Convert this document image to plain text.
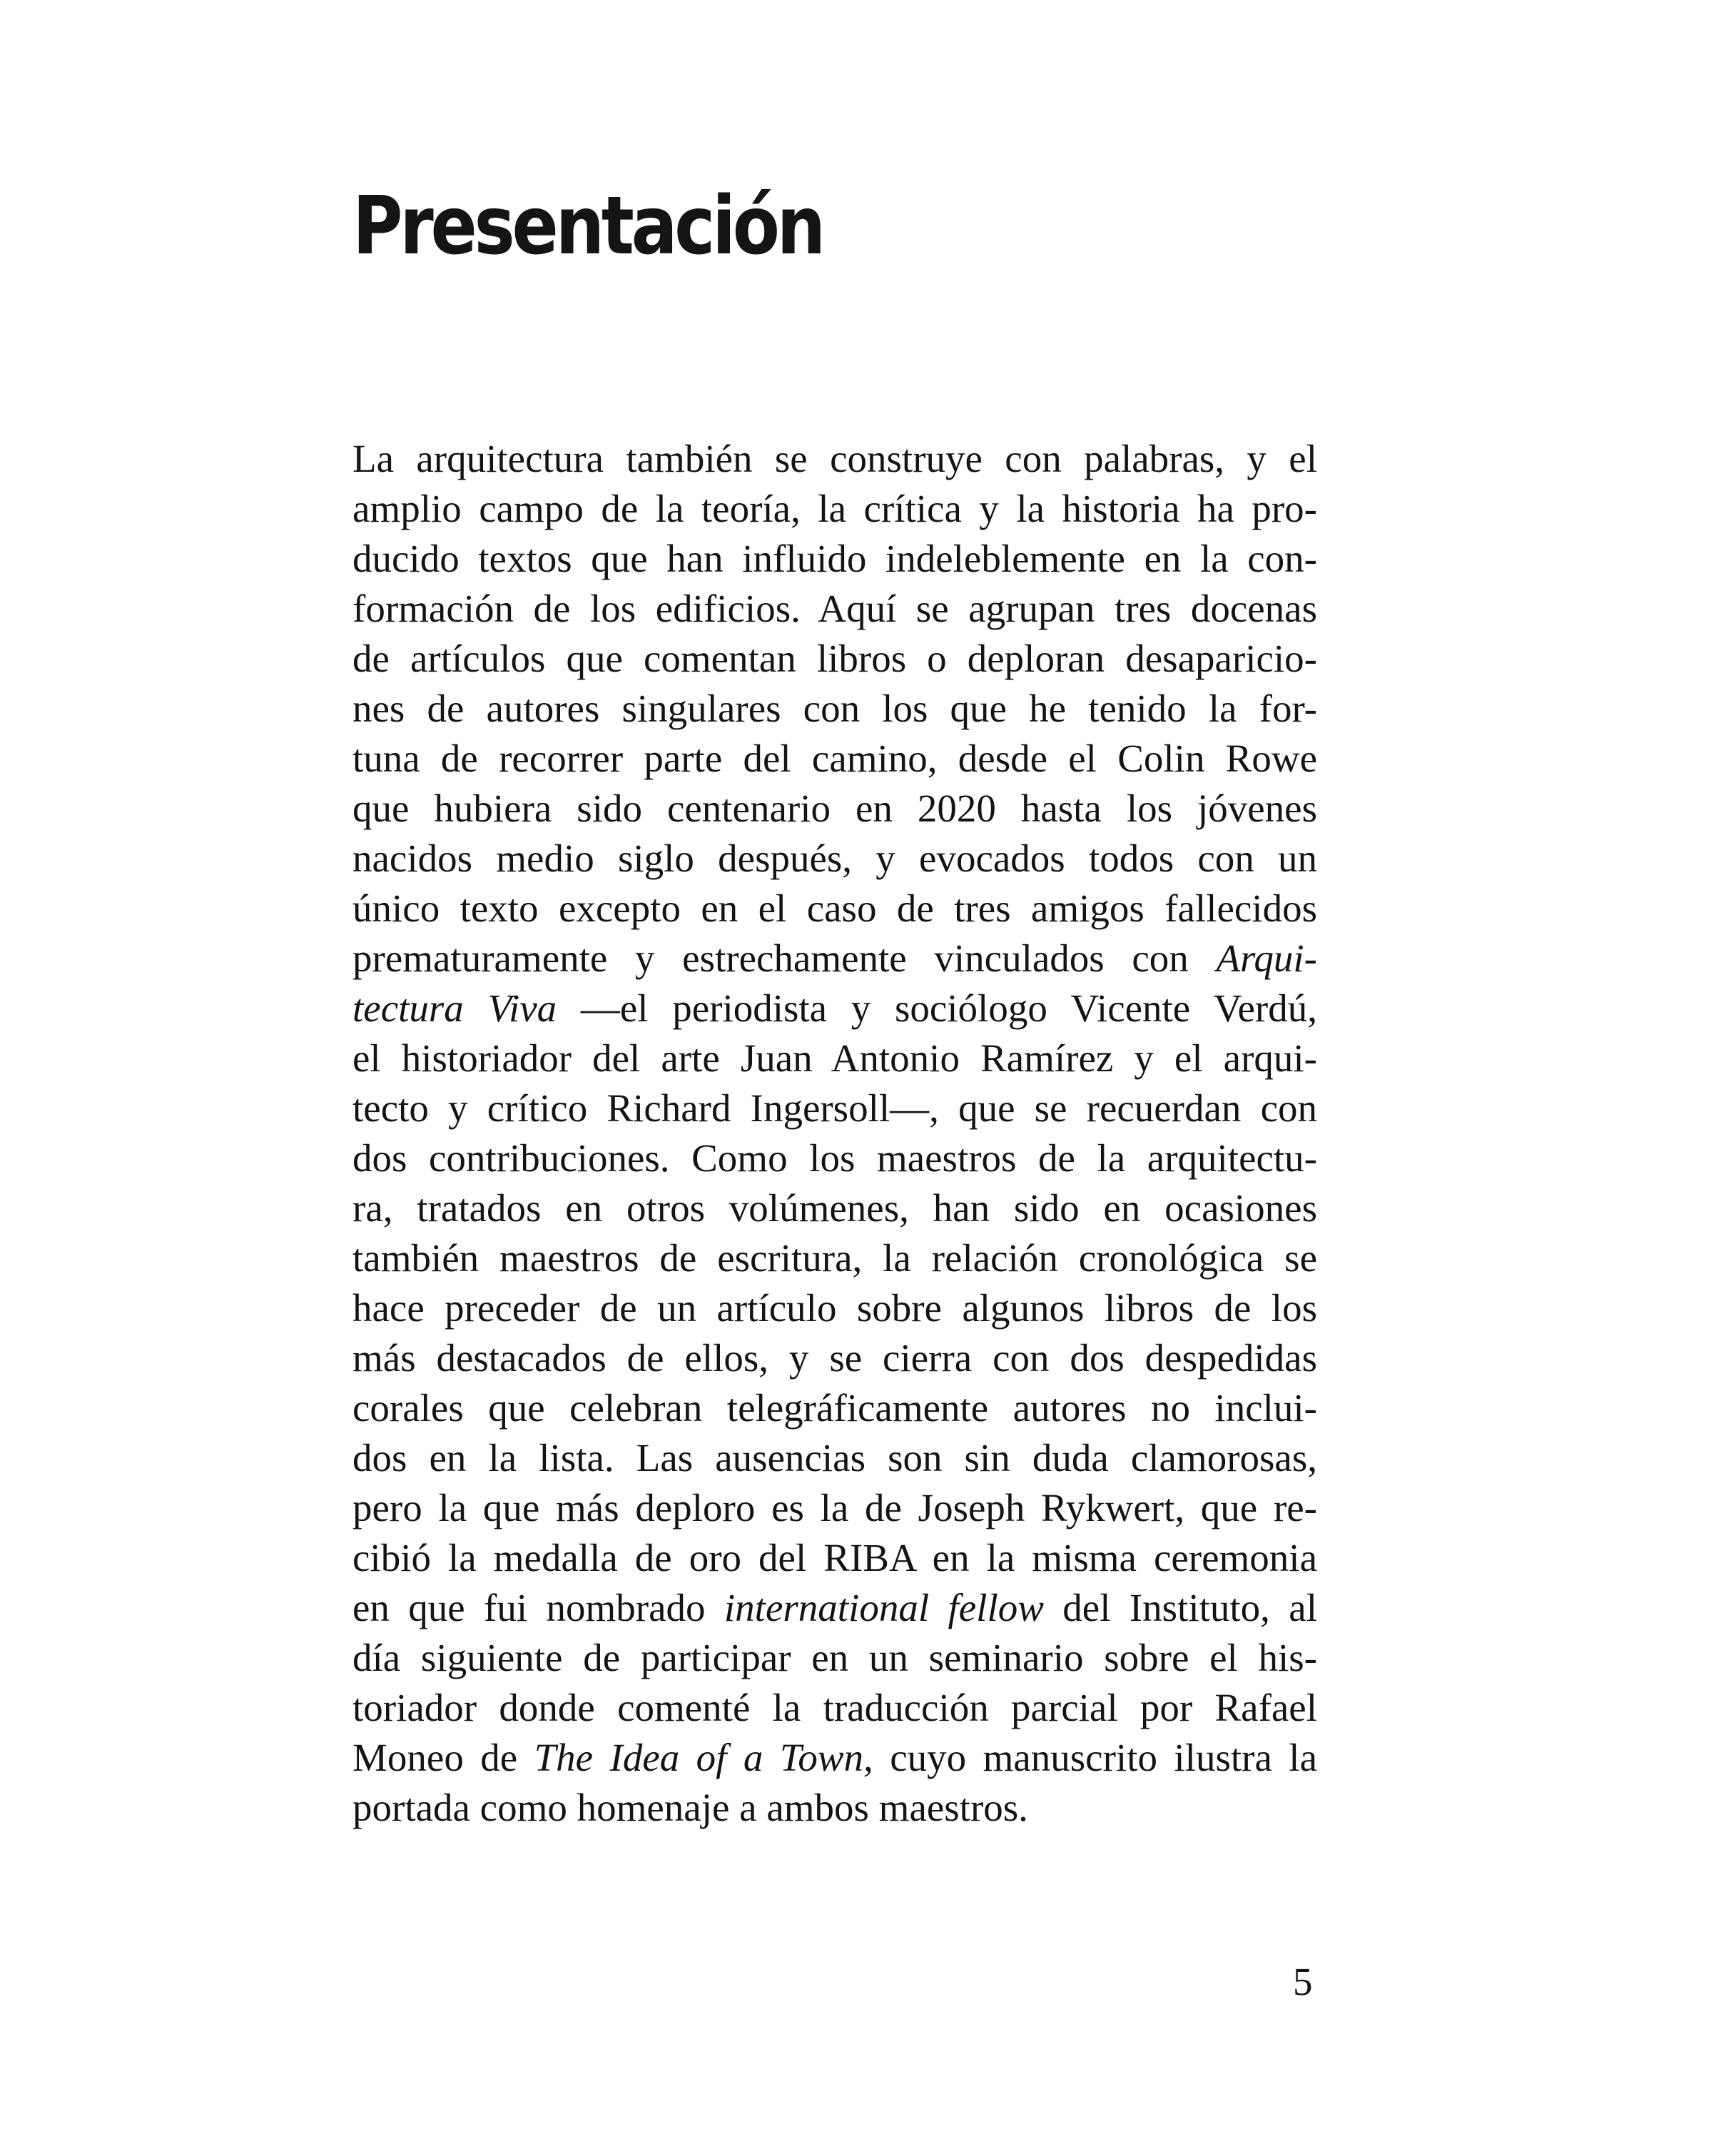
Presentación
La arquitectura también se construye con palabras, y el
amplio campo de la teoría, la crítica y la historia ha pro-
ducido textos que han influido indeleblemente en la con-
formación de los edificios. Aquí se agrupan tres docenas
de artículos que comentan libros o deploran desaparicio-
nes de autores singulares con los que he tenido la for-
tuna de recorrer parte del camino, desde el Colin Rowe
que hubiera sido centenario en 2020 hasta los jóvenes
nacidos medio siglo después, y evocados todos con un
único texto excepto en el caso de tres amigos fallecidos
prematuramente y estrechamente vinculados con Arqui-
tectura Viva —el periodista y sociólogo Vicente Verdú,
el historiador del arte Juan Antonio Ramírez y el arqui-
tecto y crítico Richard Ingersoll—, que se recuerdan con
dos contribuciones. Como los maestros de la arquitectu-
ra, tratados en otros volúmenes, han sido en ocasiones
también maestros de escritura, la relación cronológica se
hace preceder de un artículo sobre algunos libros de los
más destacados de ellos, y se cierra con dos despedidas
corales que celebran telegráficamente autores no inclui-
dos en la lista. Las ausencias son sin duda clamorosas,
pero la que más deploro es la de Joseph Rykwert, que re-
cibió la medalla de oro del RIBA en la misma ceremonia
en que fui nombrado international fellow del Instituto, al
día siguiente de participar en un seminario sobre el his-
toriador donde comenté la traducción parcial por Rafael
Moneo de The Idea of a Town, cuyo manuscrito ilustra la
portada como homenaje a ambos maestros.
5
